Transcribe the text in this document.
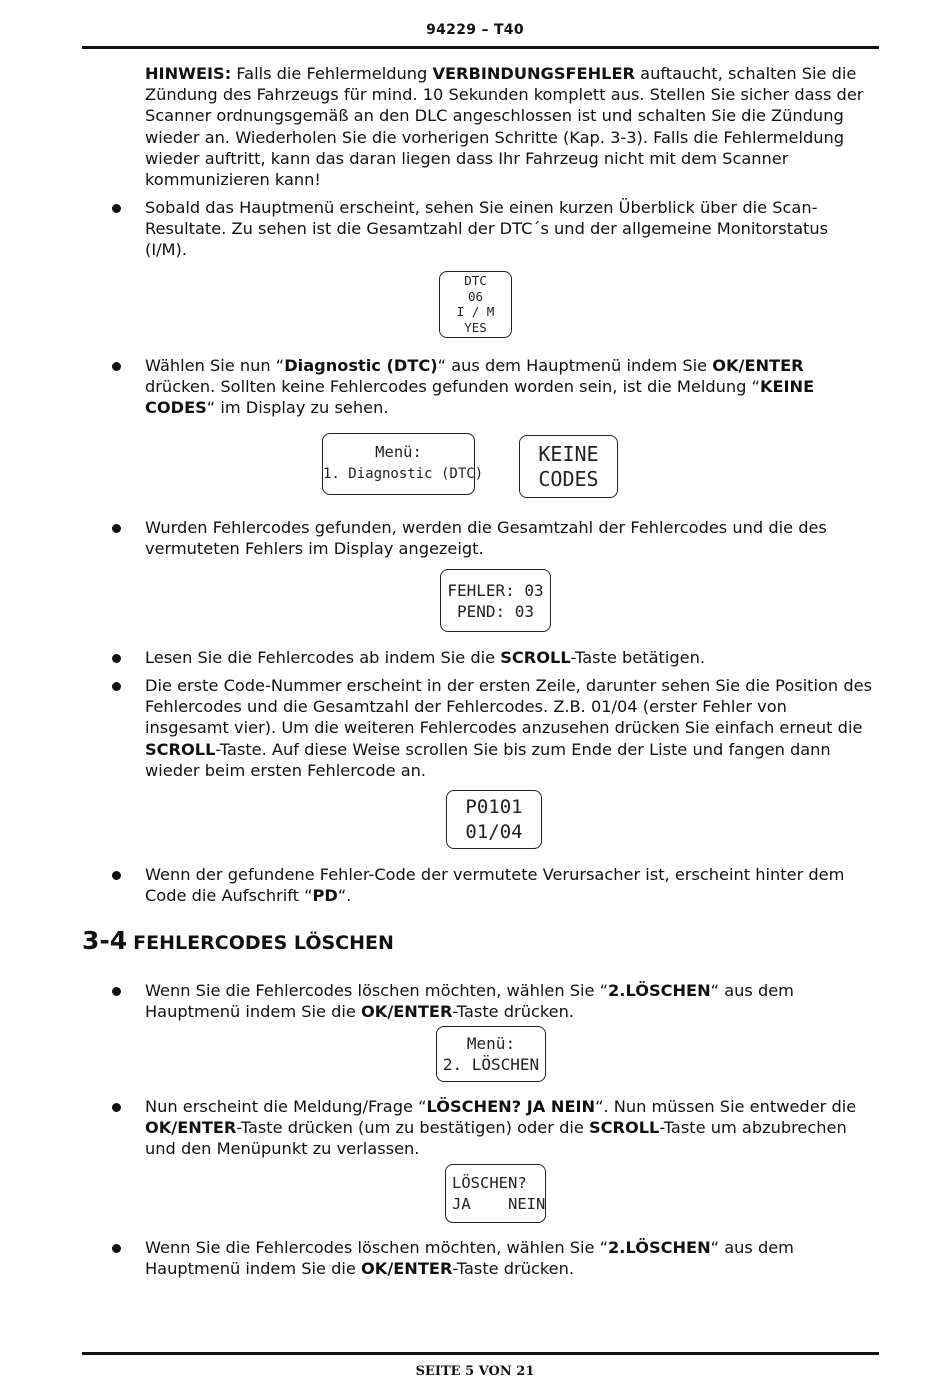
94229 – T40
HINWEIS: Falls die Fehlermeldung VERBINDUNGSFEHLER auftaucht, schalten Sie die Zündung des Fahrzeugs für mind. 10 Sekunden komplett aus. Stellen Sie sicher dass der Scanner ordnungsgemäß an den DLC angeschlossen ist und schalten Sie die Zündung wieder an. Wiederholen Sie die vorherigen Schritte (Kap. 3-3). Falls die Fehlermeldung wieder auftritt, kann das daran liegen dass Ihr Fahrzeug nicht mit dem Scanner kommunizieren kann!
Sobald das Hauptmenü erscheint, sehen Sie einen kurzen Überblick über die Scan-Resultate. Zu sehen ist die Gesamtzahl der DTC´s und der allgemeine Monitorstatus (I/M).
DTC
06
I / M
YES
Wählen Sie nun “Diagnostic (DTC)“ aus dem Hauptmenü indem Sie OK/ENTER drücken. Sollten keine Fehlercodes gefunden worden sein, ist die Meldung “KEINE CODES“ im Display zu sehen.
Menü:
1. Diagnostic (DTC)
KEINE
CODES
Wurden Fehlercodes gefunden, werden die Gesamtzahl der Fehlercodes und die des vermuteten Fehlers im Display angezeigt.
FEHLER: 03
PEND: 03
Lesen Sie die Fehlercodes ab indem Sie die SCROLL-Taste betätigen.
Die erste Code-Nummer erscheint in der ersten Zeile, darunter sehen Sie die Position des Fehlercodes und die Gesamtzahl der Fehlercodes. Z.B. 01/04 (erster Fehler von insgesamt vier). Um die weiteren Fehlercodes anzusehen drücken Sie einfach erneut die SCROLL-Taste. Auf diese Weise scrollen Sie bis zum Ende der Liste und fangen dann wieder beim ersten Fehlercode an.
P0101
01/04
Wenn der gefundene Fehler-Code der vermutete Verursacher ist, erscheint hinter dem Code die Aufschrift “PD“.
3-4 FEHLERCODES LÖSCHEN
Wenn Sie die Fehlercodes löschen möchten, wählen Sie “2.LÖSCHEN“ aus dem Hauptmenü indem Sie die OK/ENTER-Taste drücken.
Menü:
2. LÖSCHEN
Nun erscheint die Meldung/Frage “LÖSCHEN? JA NEIN“. Nun müssen Sie entweder die OK/ENTER-Taste drücken (um zu bestätigen) oder die SCROLL-Taste um abzubrechen und den Menüpunkt zu verlassen.
LÖSCHEN?
JA    NEIN
Wenn Sie die Fehlercodes löschen möchten, wählen Sie “2.LÖSCHEN“ aus dem Hauptmenü indem Sie die OK/ENTER-Taste drücken.
SEITE 5 VON 21
